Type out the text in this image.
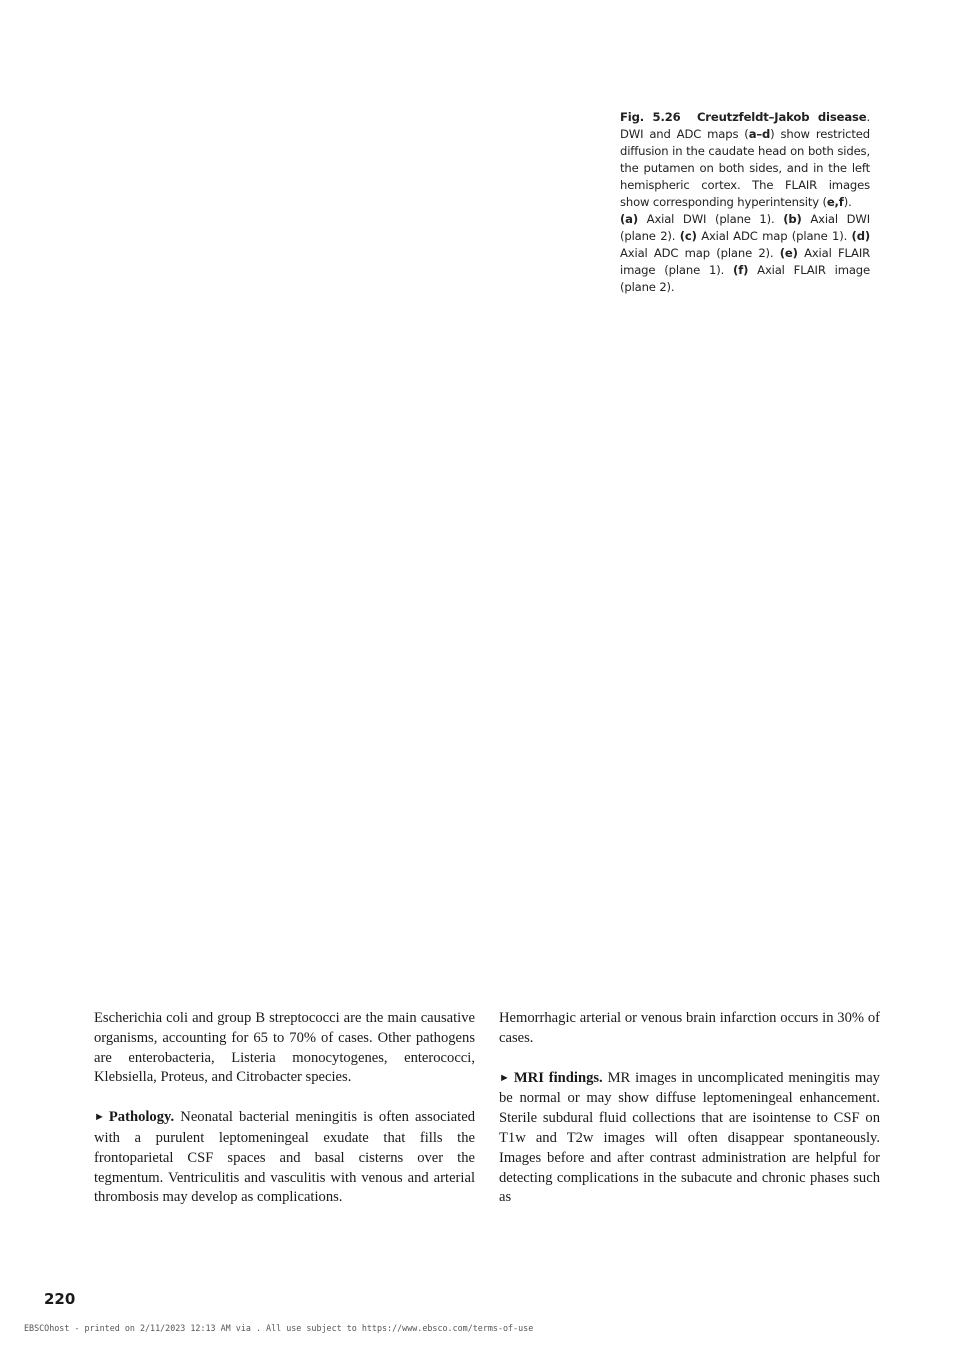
Fig. 5.26 Creutzfeldt–Jakob disease. DWI and ADC maps (a–d) show restricted diffusion in the caudate head on both sides, the putamen on both sides, and in the left hemispheric cortex. The FLAIR images show corresponding hyperintensity (e,f).
(a) Axial DWI (plane 1). (b) Axial DWI (plane 2). (c) Axial ADC map (plane 1). (d) Axial ADC map (plane 2). (e) Axial FLAIR image (plane 1). (f) Axial FLAIR image (plane 2).

Escherichia coli and group B streptococci are the main causative organisms, accounting for 65 to 70% of cases. Other pathogens are enterobacteria, Listeria monocytogenes, enterococci, Klebsiella, Proteus, and Citrobacter species.

► Pathology. Neonatal bacterial meningitis is often associated with a purulent leptomeningeal exudate that fills the frontoparietal CSF spaces and basal cisterns over the tegmentum. Ventriculitis and vasculitis with venous and arterial thrombosis may develop as complications.

Hemorrhagic arterial or venous brain infarction occurs in 30% of cases.

► MRI findings. MR images in uncomplicated meningitis may be normal or may show diffuse leptomeningeal enhancement. Sterile subdural fluid collections that are isointense to CSF on T1w and T2w images will often disappear spontaneously. Images before and after contrast administration are helpful for detecting complications in the subacute and chronic phases such as

220
EBSCOhost - printed on 2/11/2023 12:13 AM via . All use subject to https://www.ebsco.com/terms-of-use
